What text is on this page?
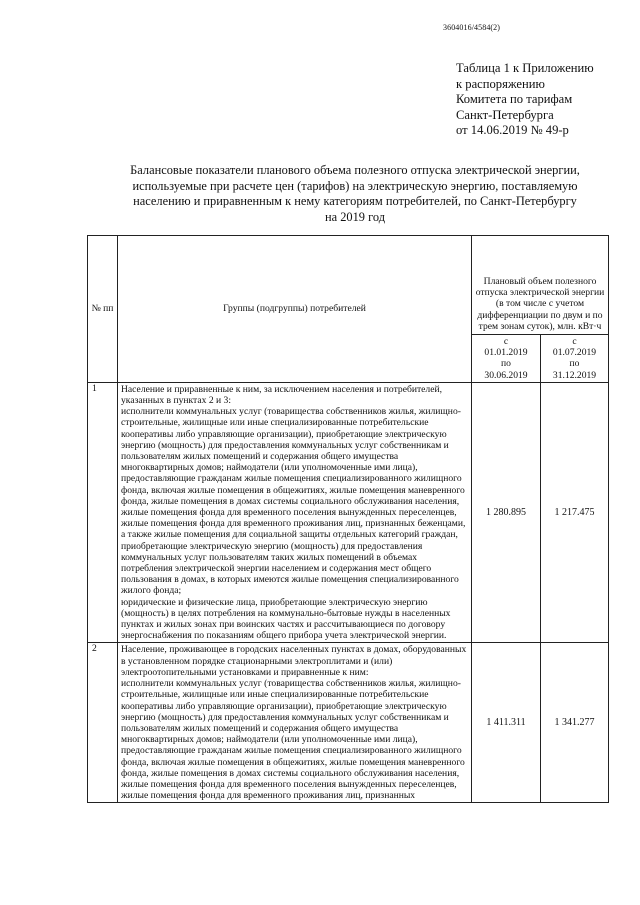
3604016/4584(2)
Таблица 1 к Приложению
к распоряжению
Комитета по тарифам
Санкт-Петербурга
от 14.06.2019 № 49-р
Балансовые показатели планового объема полезного отпуска электрической энергии,
используемые при расчете цен (тарифов) на электрическую энергию, поставляемую
населению и приравненным к нему категориям потребителей, по Санкт-Петербургу
на 2019 год
№ пп	Группы (подгруппы) потребителей	Плановый объем полезного отпуска электрической энергии (в том числе с учетом дифференциации по двум и по трем зонам суток), млн. кВт·ч	

		с
01.01.2019
по
30.06.2019	с
01.07.2019
по
31.12.2019

1	Население и приравненные к ним, за исключением населения и потребителей, указанных в пунктах 2 и 3:

исполнители коммунальных услуг (товарищества собственников жилья, жилищно-строительные, жилищные или иные специализированные потребительские кооперативы либо управляющие организации), приобретающие электрическую энергию (мощность) для предоставления коммунальных услуг собственникам и пользователям жилых помещений и содержания общего имущества многоквартирных домов; наймодатели (или уполномоченные ими лица), предоставляющие гражданам жилые помещения специализированного жилищного фонда, включая жилые помещения в общежитиях, жилые помещения маневренного фонда, жилые помещения в домах системы социального обслуживания населения, жилые помещения фонда для временного поселения вынужденных переселенцев, жилые помещения фонда для временного проживания лиц, признанных беженцами, а также жилые помещения для социальной защиты отдельных категорий граждан, приобретающие электрическую энергию (мощность) для предоставления коммунальных услуг пользователям таких жилых помещений в объемах потребления электрической энергии населением и содержания мест общего пользования в домах, в которых имеются жилые помещения специализированного жилого фонда;

юридические и физические лица, приобретающие электрическую энергию (мощность) в целях потребления на коммунально-бытовые нужды в населенных пунктах и жилых зонах при воинских частях и рассчитывающиеся по договору энергоснабжения по показаниям общего прибора учета электрической энергии.	1 280.895	1 217.475
2	Население, проживающее в городских населенных пунктах в домах, оборудованных в установленном порядке стационарными электроплитами и (или) электроотопительными установками и приравненные к ним:

исполнители коммунальных услуг (товарищества собственников жилья, жилищно-строительные, жилищные или иные специализированные потребительские кооперативы либо управляющие организации), приобретающие электрическую энергию (мощность) для предоставления коммунальных услуг собственникам и пользователям жилых помещений и содержания общего имущества многоквартирных домов; наймодатели (или уполномоченные ими лица), предоставляющие гражданам жилые помещения специализированного жилищного фонда, включая жилые помещения в общежитиях, жилые помещения маневренного фонда, жилые помещения в домах системы социального обслуживания населения, жилые помещения фонда для временного поселения вынужденных переселенцев, жилые помещения фонда для временного проживания лиц, признанных	1 411.311	1 341.277
